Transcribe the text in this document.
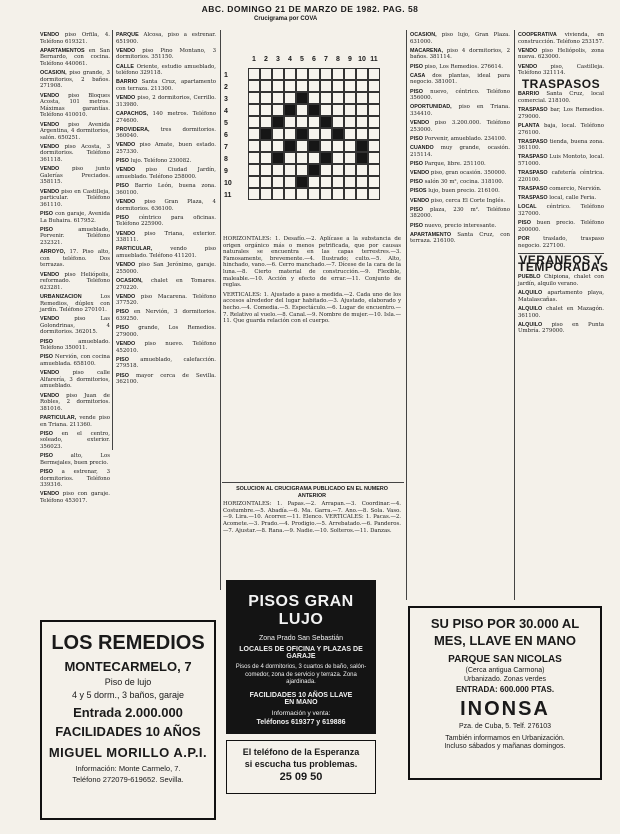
ABC. DOMINGO 21 DE MARZO DE 1982. PAG. 58

VENDO piso Orfila, 4. Teléfono 619321.

APARTAMENTOS en San Bernardo, con cocina. Teléfono 440061.

OCASION, piso grande, 3 dormitorios, 2 baños. 271908.

VENDO piso Bloques Acosta, 101 metros. Máximas garantías. Teléfono 410010.

VENDO piso Avenida Argentina, 4 dormitorios, salón. 650251.

VENDO piso Acosta, 3 dormitorios. Teléfono 361118.

VENDO piso junto Galerías Preciados. 358115.

VENDO piso en Castilleja, particular. Teléfono 361110.

PISO con garaje, Avenida La Buhaira. 617952.

PISO	amueblado, Porvenir. Teléfono 232321.

ARROYO, 17. Piso alto, con teléfono. Dos terrazas.

VENDO piso Heliópolis, reformado. Teléfono 623281.

URBANIZACION	Los Remedios, dúplex con jardín. Teléfono 270101.

VENDO	piso Las Golondrinas, 4 dormitorios. 362015.

PISO	amueblado. Teléfono 350011.

PISO Nervión, con cocina amueblada. 658100.

VENDO piso calle Alfarería, 3 dormitorios, amueblado.

VENDO piso Juan de Robles, 2 dormitorios. 381016.

PARTICULAR, vende piso en Triana. 211360.

PISO en el centro, soleado, exterior. 356023.

PISO	alto, Los Bermejales, buen precio.

PISO a estrenar, 3 dormitorios. Teléfono 339316.

VENDO piso con garaje. Teléfono 453017.

PARQUE Alcosa, piso a estrenar. 651900.

VENDO piso Pino Montano, 3 dormitorios. 351150.

CALLE Oriente, estudio amueblado, teléfono 329118.

BARRIO Santa Cruz, apartamento con terraza. 211300.

VENDO piso, 2 dormitorios, Cerrillo. 313980.

CAPACHOS, 140 metros. Teléfono 274600.

PROVIDERA, tres dormitorios. 360040.

VENDO piso Amate, buen estado. 257330.

PISO lujo. Teléfono 230082.

VENDO piso Ciudad Jardín, amueblado. Teléfono 258000.

PISO Barrio León, buena zona. 360100.

VENDO piso Gran Plaza, 4 dormitorios. 636100.

PISO céntrico para oficinas. Teléfono 225900.

VENDO piso Triana, exterior. 338111.

PARTICULAR,	vendo piso amueblado. Teléfono 411201.

VENDO piso San Jerónimo, garaje. 255000.

OCASION, chalet en Tomares. 270220.

VENDO piso Macarena. Teléfono 377520.

PISO en Nervión, 3 dormitorios. 639250.

PISO grande, Los Remedios. 279000.

VENDO piso nuevo. Teléfono 452010.

PISO amueblado, calefacción. 279518.

PISO mayor cerca de Sevilla. 362100.

Crucigrama por COVA
1 2 3 4 5 6 7 8 9 10 11
1
2
3
4
5
6
7
8
9
10
11

HORIZONTALES: 1. Desafío.—2. Aplícase a la substancia de origen orgánico más o menos petrificada, que por causas naturales se encuentra en las capas terrestres.—3. Famosamente, brevemente.—4. Ilustrado; culto.—5. Alto, hinchado, vano.—6. Cerro manchado.—7. Dícese de la cara de la luna.—8. Cierto material de construcción.—9. Flexible, maleable.—10. Acción y efecto de errar.—11. Conjunto de reglas.

VERTICALES: 1. Ajustado a paso a medida.—2. Cada uno de los accesos alrededor del lugar habitado.—3. Ajustado, elaborado y hecho.—4. Comedia.—5. Espectáculo.—6. Lugar de encuentro.—7. Relativo al vuelo.—8. Canal.—9. Nombre de mujer.—10. Isla.—11. Que guarda relación con el cuerpo.

SOLUCION AL CRUCIGRAMA PUBLICADO EN EL NUMERO ANTERIOR

HORIZONTALES: 1. Papas.—2. Arrapan.—3. Coordinar.—4. Costumbre.—5. Abadía.—6. Ma. Garra.—7. Ano.—8. Sola. Vaso.—9. Lira.—10. Acorrer.—11. Elenco. VERTICALES: 1. Pacas.—2. Acomete.—3. Prado.—4. Prodigio.—5. Arrebatado.—6. Panderos.—7. Ajustar.—8. Rana.—9. Nadie.—10. Solteros.—11. Danzas.

OCASION, piso lujo, Gran Plaza. 631000.

MACARENA, piso 4 dormitorios, 2 baños. 381114.

PISO piso, Los Remedios. 276614.

CASA dos plantas, ideal para negocio. 381001.

PISO nuevo, céntrico. Teléfono 356000.

OPORTUNIDAD, piso en Triana. 334410.

VENDO piso 3.200.000. Teléfono 253000.

PISO Porvenir, amueblado. 234100.

CUANDO muy grande, ocasión. 215114.

PISO Parque, libre. 251100.

VENDO piso, gran ocasión. 350000.

PISO salón 30 m², cocina. 318100.

PISOS lujo, buen precio. 216100.

VENDO piso, cerca El Corte Inglés.

PISO plaza, 230 m². Teléfono 382000.

PISO nuevo, precio interesante.

APARTAMENTO Santa Cruz, con terraza. 216100.

COOPERATIVA vivienda, en construcción. Teléfono 253157.

VENDO piso Heliópolis, zona nueva. 623000.

VENDO piso, Castilleja. Teléfono 321114.

TRASPASOS

BARRIO Santa Cruz, local comercial. 218100.

TRASPASO bar, Los Remedios. 279000.

PLANTA baja, local. Teléfono 276100.

TRASPASO tienda, buena zona. 361100.

TRASPASO Luis Montoto, local. 571000.

TRASPASO cafetería céntrica. 220100.

TRASPASO comercio, Nervión.

TRASPASO local, calle Feria.

LOCAL céntrico. Teléfono 327000.

PISO buen precio. Teléfono 200000.

POR traslado, traspaso negocio. 227100.

VERANEOS Y TEMPORADAS

PUEBLO Chipiona, chalet con jardín, alquilo verano.

ALQUILO apartamento playa, Matalascañas.

ALQUILO chalet en Mazagón. 361100.

ALQUILO piso en Punta Umbría. 279000.

LOS REMEDIOS
MONTECARMELO, 7
Piso de lujo
4 y 5 dorm., 3 baños, garaje
Entrada 2.000.000
FACILIDADES 10 AÑOS
MIGUEL MORILLO A.P.I.
Información: Monte Carmelo, 7.
Teléfono 272079-619652. Sevilla.
PISOS GRAN LUJO
Zona Prado San Sebastián
LOCALES DE OFICINA Y PLAZAS DE GARAJE
Pisos de 4 dormitorios, 3 cuartos de baño, salón-comedor, zona de servicio y terraza. Zona ajardinada.
FACILIDADES 10 AÑOS LLAVE EN MANO
Información y venta:
Teléfonos 619377 y 619886
El teléfono de la Esperanza
si escucha tus problemas.
25 09 50
SU PISO POR 30.000 AL
MES, LLAVE EN MANO
PARQUE SAN NICOLAS
(Cerca antigua Carmona)
Urbanizado. Zonas verdes
ENTRADA: 600.000 PTAS.
INONSA
Pza. de Cuba, 5. Telf. 276103
También informamos en Urbanización.
Incluso sábados y mañanas domingos.
